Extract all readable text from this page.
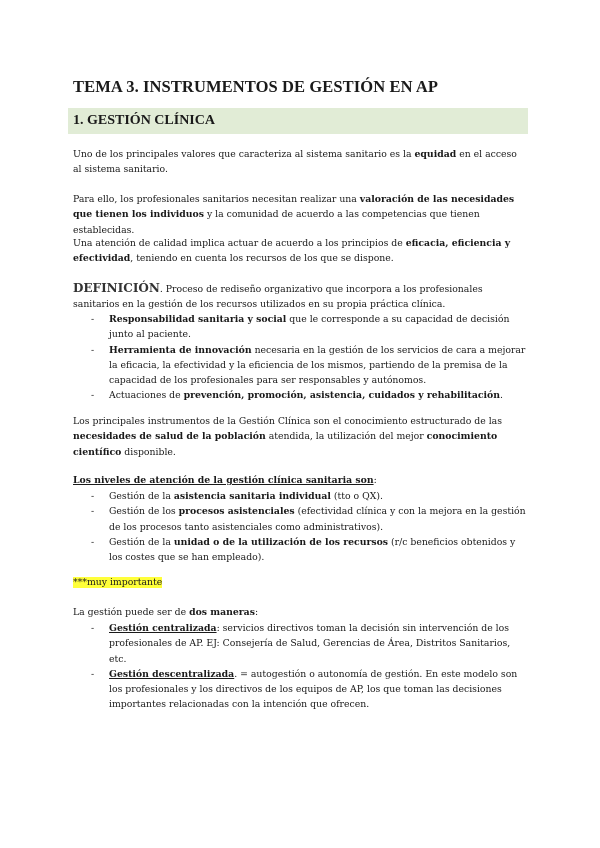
TEMA 3. INSTRUMENTOS DE GESTIÓN EN AP
1. GESTIÓN CLÍNICA
Uno de los principales valores que caracteriza al sistema sanitario es la equidad en el acceso al sistema sanitario.
Para ello, los profesionales sanitarios necesitan realizar una valoración de las necesidades que tienen los individuos y la comunidad de acuerdo a las competencias que tienen establecidas.
Una atención de calidad implica actuar de acuerdo a los principios de eficacia, eficiencia y efectividad, teniendo en cuenta los recursos de los que se dispone.
DEFINICIÓN. Proceso de rediseño organizativo que incorpora a los profesionales sanitarios en la gestión de los recursos utilizados en su propia práctica clínica.
- Responsabilidad sanitaria y social que le corresponde a su capacidad de decisión junto al paciente.
- Herramienta de innovación necesaria en la gestión de los servicios de cara a mejorar la eficacia, la efectividad y la eficiencia de los mismos, partiendo de la premisa de la capacidad de los profesionales para ser responsables y autónomos.
- Actuaciones de prevención, promoción, asistencia, cuidados y rehabilitación.
Los principales instrumentos de la Gestión Clínica son el conocimiento estructurado de las necesidades de salud de la población atendida, la utilización del mejor conocimiento científico disponible.
Los niveles de atención de la gestión clínica sanitaria son:
- Gestión de la asistencia sanitaria individual (tto o QX).
- Gestión de los procesos asistenciales (efectividad clínica y con la mejora en la gestión de los procesos tanto asistenciales como administrativos).
- Gestión de la unidad o de la utilización de los recursos (r/c beneficios obtenidos y los costes que se han empleado).
***muy importante
La gestión puede ser de dos maneras:
- Gestión centralizada: servicios directivos toman la decisión sin intervención de los profesionales de AP. EJ: Consejería de Salud, Gerencias de Área, Distritos Sanitarios, etc.
- Gestión descentralizada. = autogestión o autonomía de gestión. En este modelo son los profesionales y los directivos de los equipos de AP, los que toman las decisiones importantes relacionadas con la intención que ofrecen.
